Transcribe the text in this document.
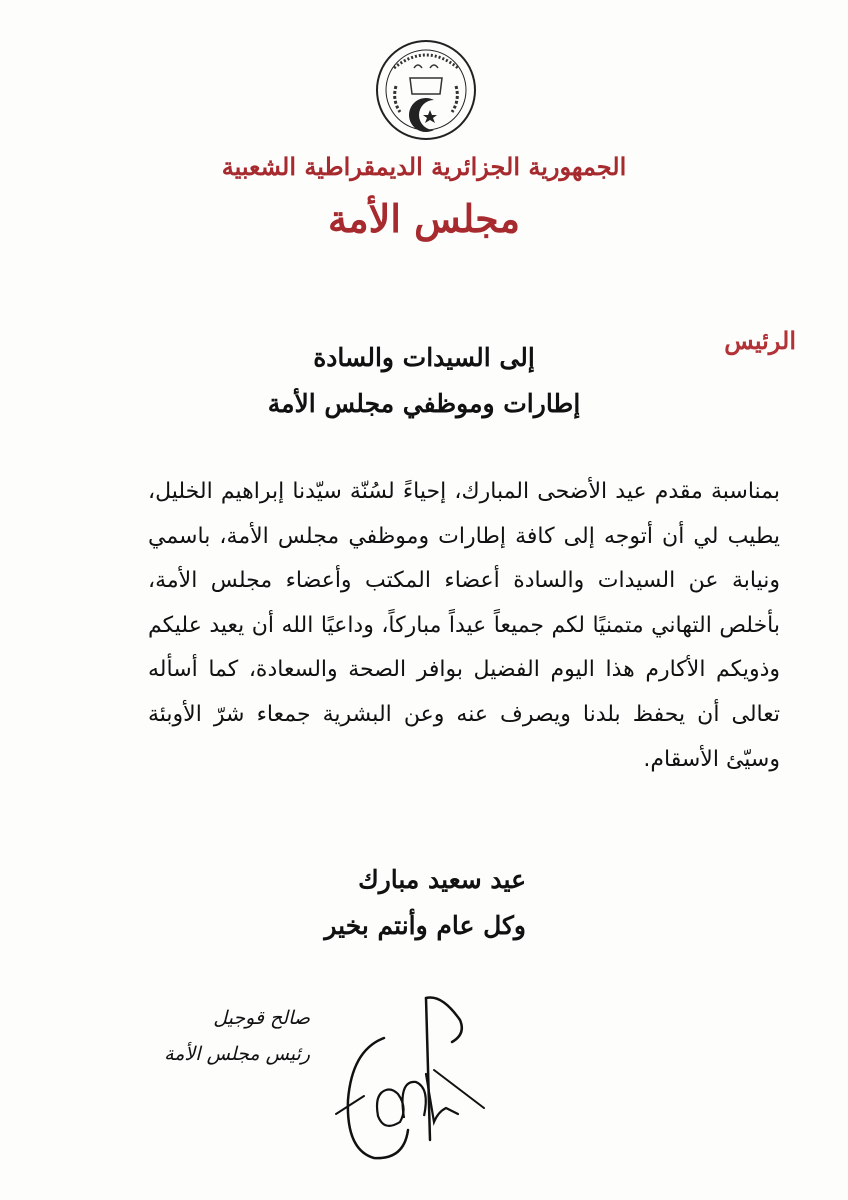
الجمهورية الجزائرية الديمقراطية الشعبية
مجلس الأمة
الرئيس
إلى السيدات والسادة
إطارات وموظفي مجلس الأمة
بمناسبة مقدم عيد الأضحى المبارك، إحياءً لسُنّة سيّدنا إبراهيم الخليل، يطيب لي أن أتوجه إلى كافة إطارات وموظفي مجلس الأمة، باسمي ونيابة عن السيدات والسادة أعضاء المكتب وأعضاء مجلس الأمة، بأخلص التهاني متمنيًا لكم جميعاً عيداً مباركاً، وداعيًا الله أن يعيد عليكم وذويكم الأكارم هذا اليوم الفضيل بوافر الصحة والسعادة، كما أسأله تعالى أن يحفظ بلدنا ويصرف عنه وعن البشرية جمعاء شرّ الأوبئة وسيّئ الأسقام.
عيد سعيد مبارك
وكل عام وأنتم بخير
صالح قوجيل
رئيس مجلس الأمة
